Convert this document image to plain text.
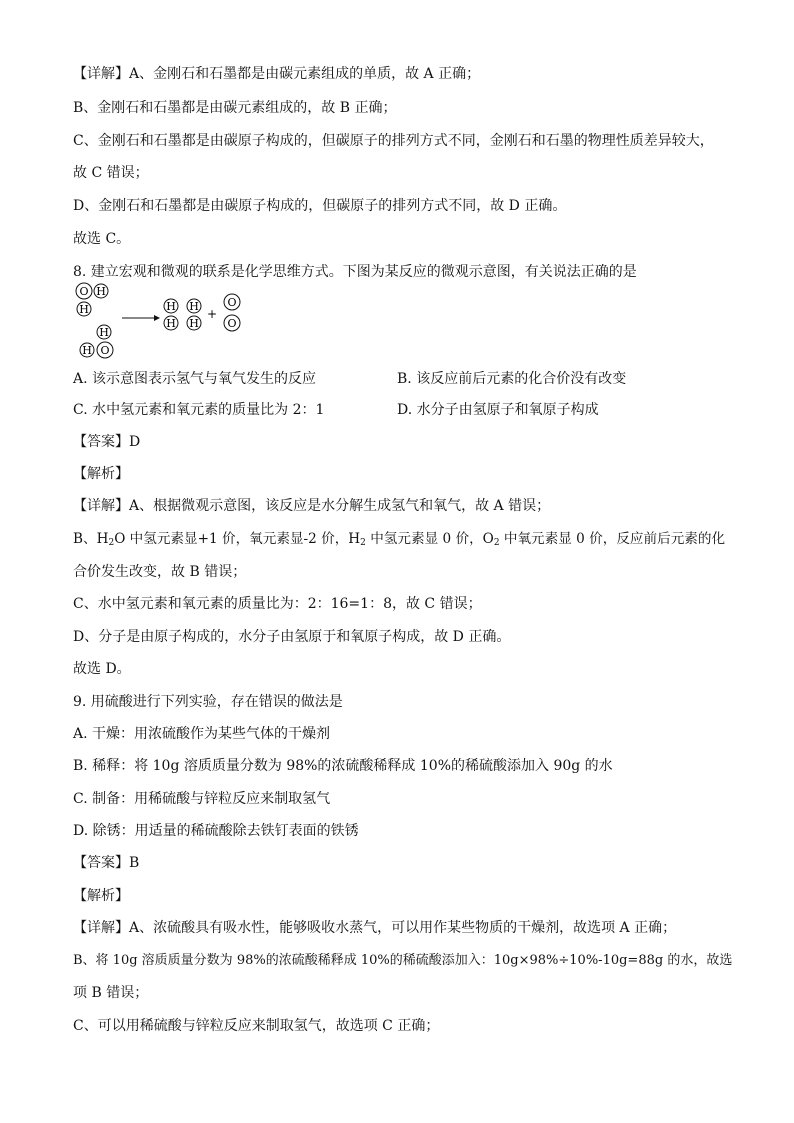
【详解】A、金刚石和石墨都是由碳元素组成的单质，故 A 正确；
B、金刚石和石墨都是由碳元素组成的，故 B 正确；
C、金刚石和石墨都是由碳原子构成的，但碳原子的排列方式不同，金刚石和石墨的物理性质差异较大，
故 C 错误；
D、金刚石和石墨都是由碳原子构成的，但碳原子的排列方式不同，故 D 正确。
故选 C。
8. 建立宏观和微观的联系是化学思维方式。下图为某反应的微观示意图，有关说法正确的是
O H
H
H
H O
H
H
H
H
+
O
O
A. 该示意图表示氢气与氧气发生的反应	B. 该反应前后元素的化合价没有改变
C. 水中氢元素和氧元素的质量比为 2：1	D. 水分子由氢原子和氧原子构成
【答案】D
【解析】
【详解】A、根据微观示意图，该反应是水分解生成氢气和氧气，故 A 错误；
B、$H_2O$ 中氢元素显+1 价，氧元素显-2 价，$H_2$ 中氢元素显 0 价，$O_2$ 中氧元素显 0 价，反应前后元素的化
合价发生改变，故 B 错误；
C、水中氢元素和氧元素的质量比为：2：16=1：8，故 C 错误；
D、分子是由原子构成的，水分子由氢原于和氧原子构成，故 D 正确。
故选 D。
9. 用硫酸进行下列实验，存在错误的做法是
A. 干燥：用浓硫酸作为某些气体的干燥剂
B. 稀释：将 10g 溶质质量分数为 98%的浓硫酸稀释成 10%的稀硫酸添加入 90g 的水
C. 制备：用稀硫酸与锌粒反应来制取氢气
D. 除锈：用适量的稀硫酸除去铁钉表面的铁锈
【答案】B
【解析】
【详解】A、浓硫酸具有吸水性，能够吸收水蒸气，可以用作某些物质的干燥剂，故选项 A 正确；
B、将 10g 溶质质量分数为 98%的浓硫酸稀释成 10%的稀硫酸添加入：10g×98%÷10%-10g=88g 的水，故选
项 B 错误；
C、可以用稀硫酸与锌粒反应来制取氢气，故选项 C 正确；
